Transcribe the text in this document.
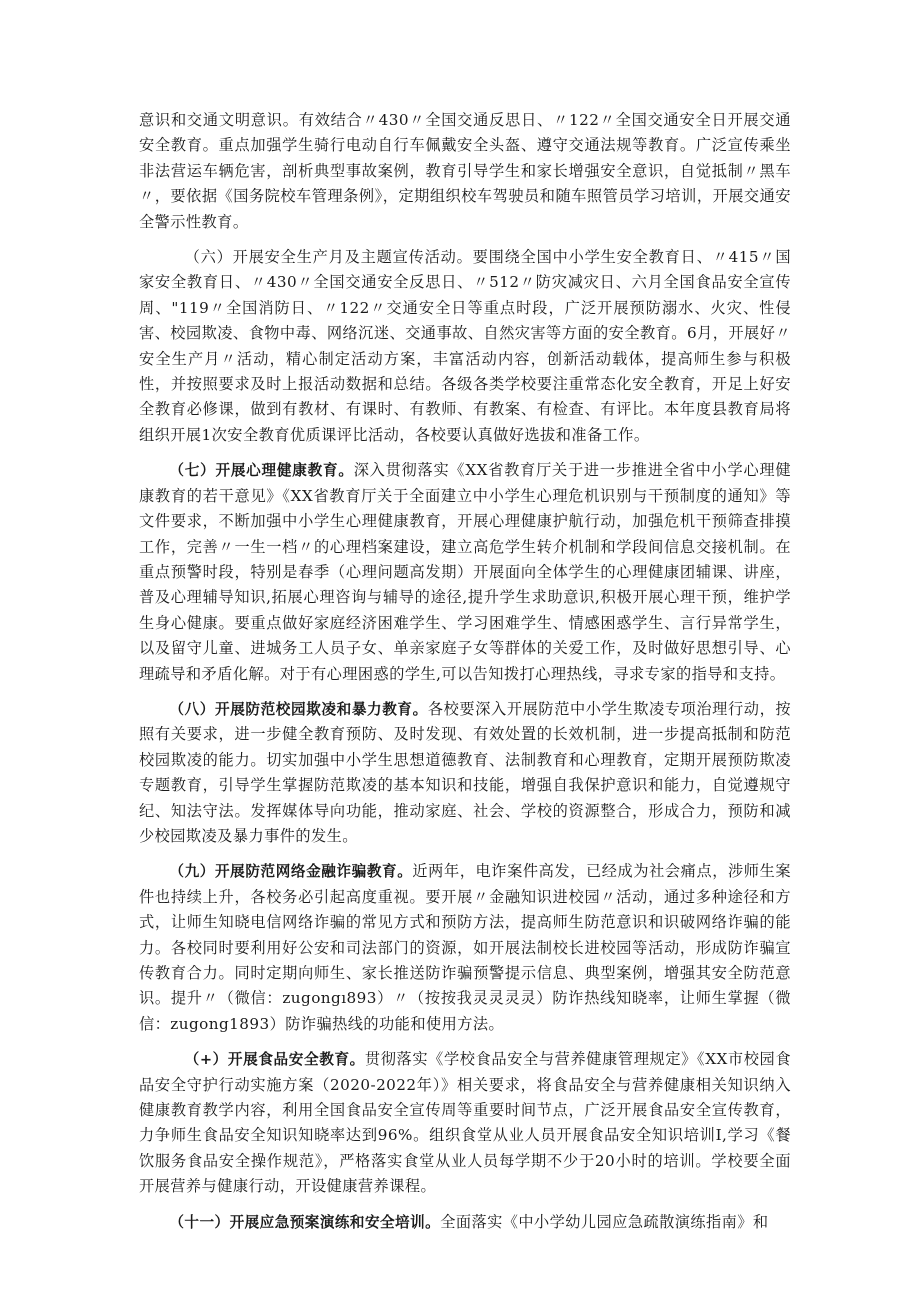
意识和交通文明意识。有效结合〃430〃全国交通反思日、〃122〃全国交通安全日开展交通安全教育。重点加强学生骑行电动自行车佩戴安全头盔、遵守交通法规等教育。广泛宣传乘坐非法营运车辆危害，剖析典型事故案例，教育引导学生和家长增强安全意识，自觉抵制〃黑车〃，要依据《国务院校车管理条例》，定期组织校车驾驶员和随车照管员学习培训，开展交通安全警示性教育。

（六）开展安全生产月及主题宣传活动。要围绕全国中小学生安全教育日、〃415〃国家安全教育日、〃430〃全国交通安全反思日、〃512〃防灾减灾日、六月全国食品安全宣传周、"119〃全国消防日、〃122〃交通安全日等重点时段，广泛开展预防溺水、火灾、性侵害、校园欺凌、食物中毒、网络沉迷、交通事故、自然灾害等方面的安全教育。6月，开展好〃安全生产月〃活动，精心制定活动方案，丰富活动内容，创新活动载体，提高师生参与积极性，并按照要求及时上报活动数据和总结。各级各类学校要注重常态化安全教育，开足上好安全教育必修课，做到有教材、有课时、有教师、有教案、有检查、有评比。本年度县教育局将组织开展1次安全教育优质课评比活动，各校要认真做好选拔和准备工作。

（七）开展心理健康教育。深入贯彻落实《XX省教育厅关于进一步推进全省中小学心理健康教育的若干意见》《XX省教育厅关于全面建立中小学生心理危机识别与干预制度的通知》等文件要求，不断加强中小学生心理健康教育，开展心理健康护航行动，加强危机干预筛查排摸工作，完善〃一生一档〃的心理档案建设，建立高危学生转介机制和学段间信息交接机制。在重点预警时段，特别是春季（心理问题高发期）开展面向全体学生的心理健康团辅课、讲座，普及心理辅导知识,拓展心理咨询与辅导的途径,提升学生求助意识,积极开展心理干预，维护学生身心健康。要重点做好家庭经济困难学生、学习困难学生、情感困惑学生、言行异常学生，以及留守儿童、进城务工人员子女、单亲家庭子女等群体的关爱工作，及时做好思想引导、心理疏导和矛盾化解。对于有心理困惑的学生,可以告知拨打心理热线，寻求专家的指导和支持。

（八）开展防范校园欺凌和暴力教育。各校要深入开展防范中小学生欺凌专项治理行动，按照有关要求，进一步健全教育预防、及时发现、有效处置的长效机制，进一步提高抵制和防范校园欺凌的能力。切实加强中小学生思想道德教育、法制教育和心理教育，定期开展预防欺凌专题教育，引导学生掌握防范欺凌的基本知识和技能，增强自我保护意识和能力，自觉遵规守纪、知法守法。发挥媒体导向功能，推动家庭、社会、学校的资源整合，形成合力，预防和减少校园欺凌及暴力事件的发生。

（九）开展防范网络金融诈骗教育。近两年，电诈案件高发，已经成为社会痛点，涉师生案件也持续上升，各校务必引起高度重视。要开展〃金融知识进校园〃活动，通过多种途径和方式，让师生知晓电信网络诈骗的常见方式和预防方法，提高师生防范意识和识破网络诈骗的能力。各校同时要利用好公安和司法部门的资源，如开展法制校长进校园等活动，形成防诈骗宣传教育合力。同时定期向师生、家长推送防诈骗预警提示信息、典型案例，增强其安全防范意识。提升〃（微信：zugongı893）〃（按按我灵灵灵灵）防诈热线知晓率，让师生掌握（微信：zugong1893）防诈骗热线的功能和使用方法。

（+）开展食品安全教育。贯彻落实《学校食品安全与营养健康管理规定》《XX市校园食品安全守护行动实施方案（2020-2022年）》相关要求，将食品安全与营养健康相关知识纳入健康教育教学内容，利用全国食品安全宣传周等重要时间节点，广泛开展食品安全宣传教育，力争师生食品安全知识知晓率达到96%。组织食堂从业人员开展食品安全知识培训I,学习《餐饮服务食品安全操作规范》，严格落实食堂从业人员每学期不少于20小时的培训。学校要全面开展营养与健康行动，开设健康营养课程。

（十一）开展应急预案演练和安全培训。全面落实《中小学幼儿园应急疏散演练指南》和
